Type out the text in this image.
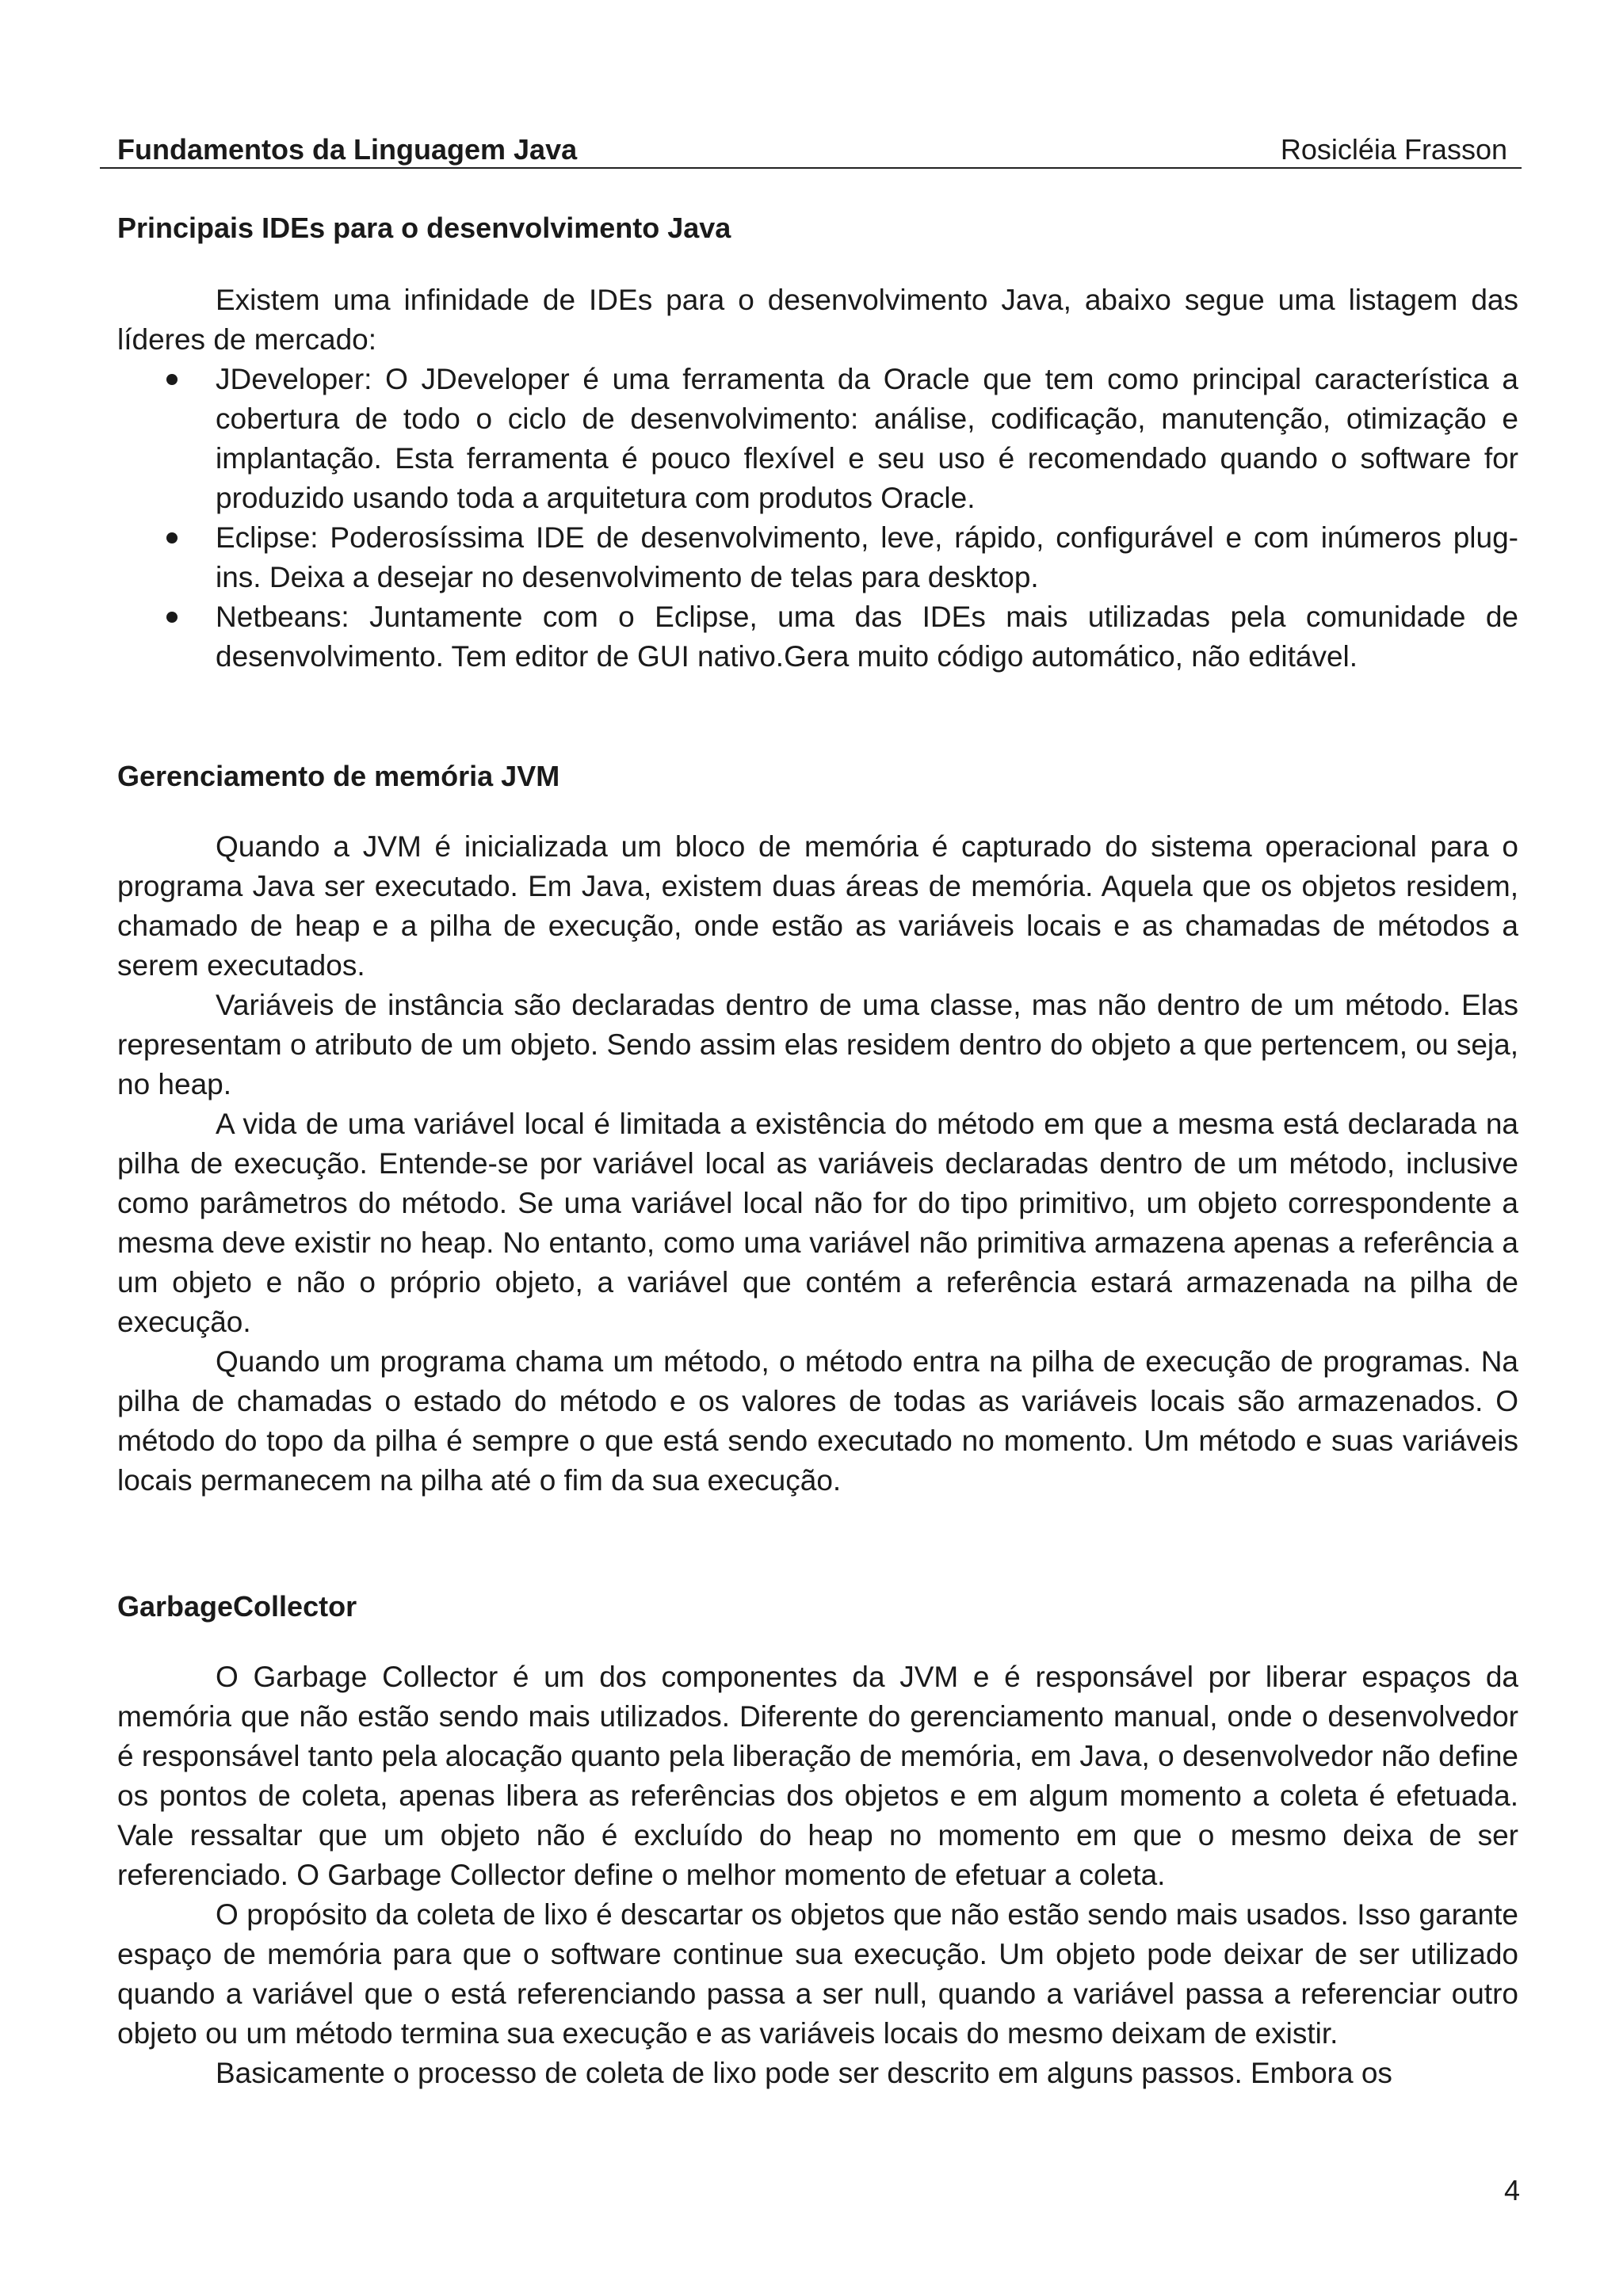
Fundamentos da Linguagem Java	Rosicléia Frasson
Principais IDEs para o desenvolvimento Java

Existem uma infinidade de IDEs para o desenvolvimento Java, abaixo segue uma listagem das líderes de mercado:

JDeveloper: O JDeveloper é uma ferramenta da Oracle que tem como principal característica a cobertura de todo o ciclo de desenvolvimento: análise, codificação, manutenção, otimização e implantação. Esta ferramenta é pouco flexível e seu uso é recomendado quando o software for produzido usando toda a arquitetura com produtos Oracle.
Eclipse: Poderosíssima IDE de desenvolvimento, leve, rápido, configurável e com inúmeros plug-ins. Deixa a desejar no desenvolvimento de telas para desktop.
Netbeans: Juntamente com o Eclipse, uma das IDEs mais utilizadas pela comunidade de desenvolvimento. Tem editor de GUI nativo.Gera muito código automático, não editável.
Gerenciamento de memória JVM

Quando a JVM é inicializada um bloco de memória é capturado do sistema operacional para o programa Java ser executado. Em Java, existem duas áreas de memória. Aquela que os objetos residem, chamado de heap e a pilha de execução, onde estão as variáveis locais e as chamadas de métodos a serem executados.

Variáveis de instância são declaradas dentro de uma classe, mas não dentro de um método. Elas representam o atributo de um objeto. Sendo assim elas residem dentro do objeto a que pertencem, ou seja, no heap.

A vida de uma variável local é limitada a existência do método em que a mesma está declarada na pilha de execução. Entende-se por variável local as variáveis declaradas dentro de um método, inclusive como parâmetros do método. Se uma variável local não for do tipo primitivo, um objeto correspondente a mesma deve existir no heap. No entanto, como uma variável não primitiva armazena apenas a referência a um objeto e não o próprio objeto, a variável que contém a referência estará armazenada na pilha de execução.

Quando um programa chama um método, o método entra na pilha de execução de programas. Na pilha de chamadas o estado do método e os valores de todas as variáveis locais são armazenados. O método do topo da pilha é sempre o que está sendo executado no momento. Um método e suas variáveis locais permanecem na pilha até o fim da sua execução.

GarbageCollector

O Garbage Collector é um dos componentes da JVM e é responsável por liberar espaços da memória que não estão sendo mais utilizados. Diferente do gerenciamento manual, onde o desenvolvedor é responsável tanto pela alocação quanto pela liberação de memória, em Java, o desenvolvedor não define os pontos de coleta, apenas libera as referências dos objetos e em algum momento a coleta é efetuada. Vale ressaltar que um objeto não é excluído do heap no momento em que o mesmo deixa de ser referenciado. O Garbage Collector define o melhor momento de efetuar a coleta.

O propósito da coleta de lixo é descartar os objetos que não estão sendo mais usados. Isso garante espaço de memória para que o software continue sua execução. Um objeto pode deixar de ser utilizado quando a variável que o está referenciando passa a ser null, quando a variável passa a referenciar outro objeto ou um método termina sua execução e as variáveis locais do mesmo deixam de existir.

Basicamente o processo de coleta de lixo pode ser descrito em alguns passos. Embora os

4
